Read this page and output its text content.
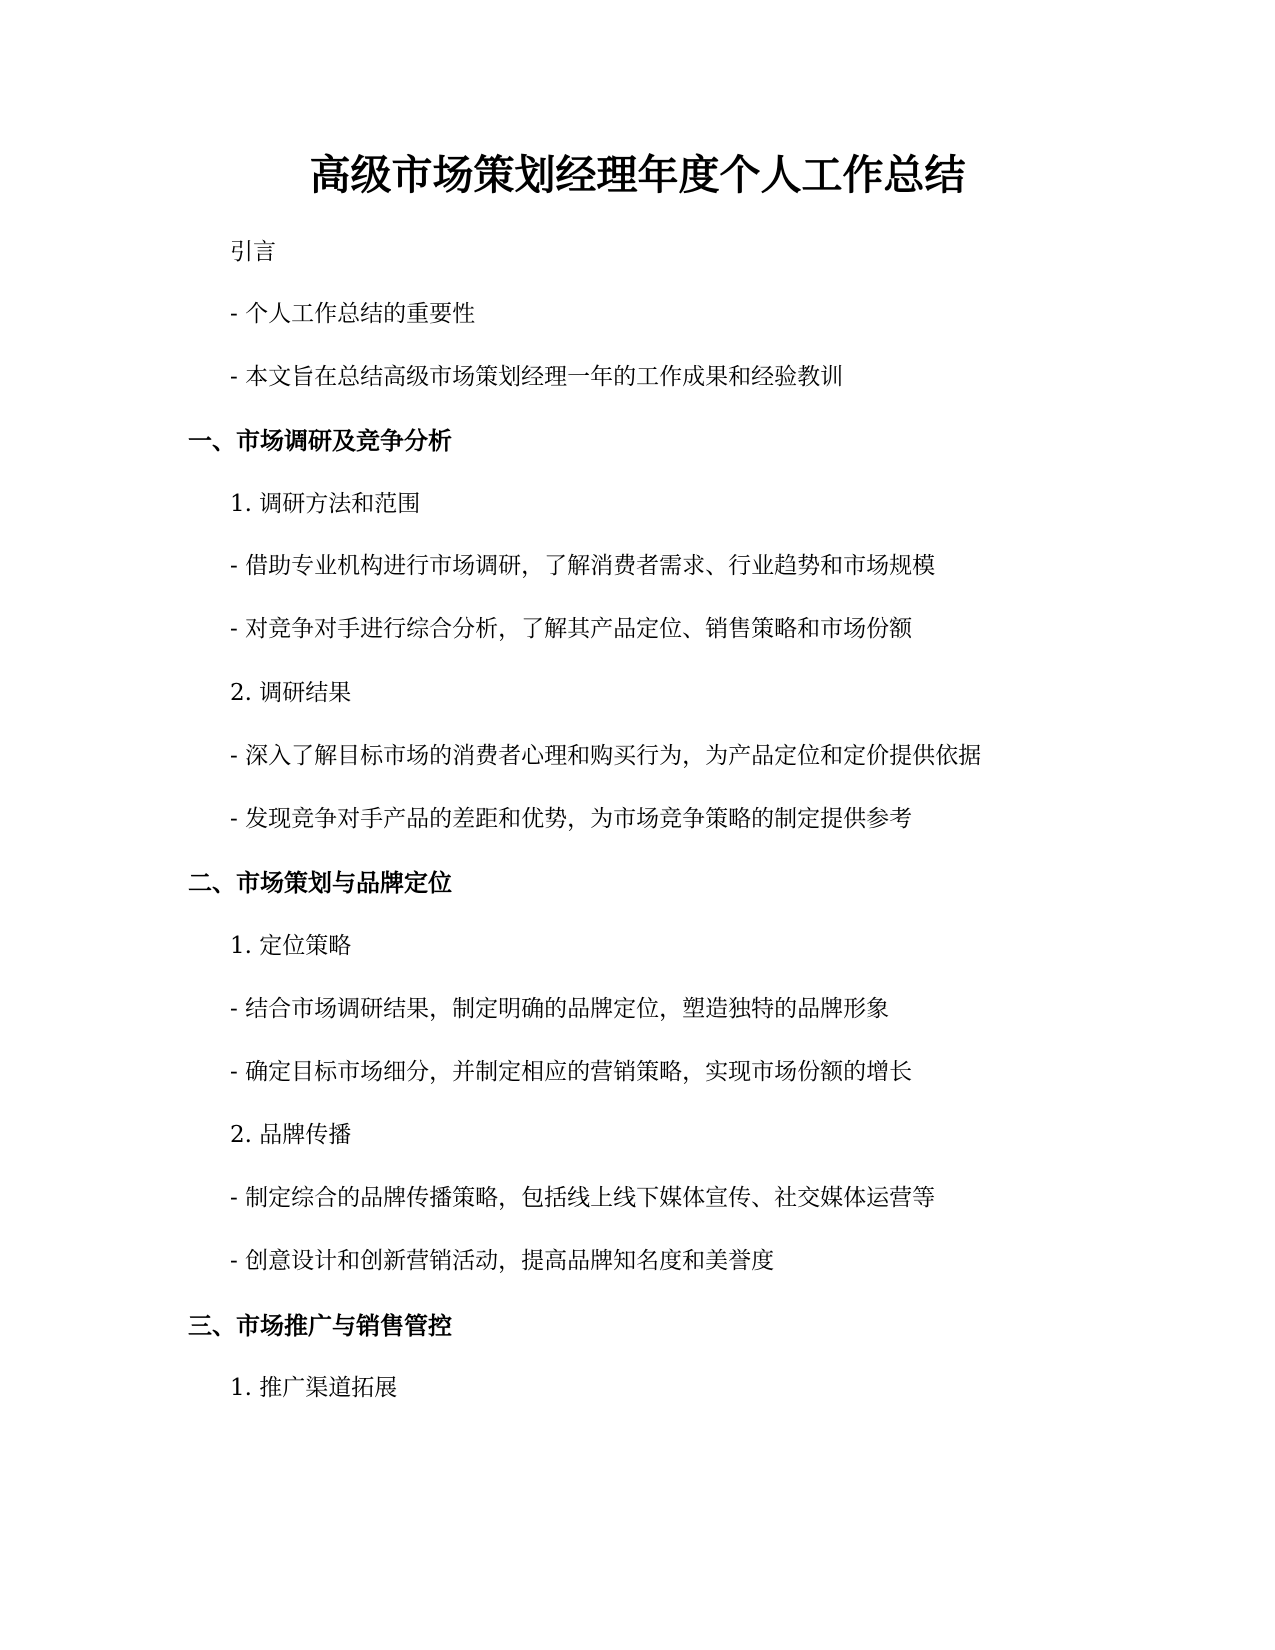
高级市场策划经理年度个人工作总结

引言

- 个人工作总结的重要性

- 本文旨在总结高级市场策划经理一年的工作成果和经验教训

一、市场调研及竞争分析

1. 调研方法和范围

- 借助专业机构进行市场调研，了解消费者需求、行业趋势和市场规模

- 对竞争对手进行综合分析，了解其产品定位、销售策略和市场份额

2. 调研结果

- 深入了解目标市场的消费者心理和购买行为，为产品定位和定价提供依据

- 发现竞争对手产品的差距和优势，为市场竞争策略的制定提供参考

二、市场策划与品牌定位

1. 定位策略

- 结合市场调研结果，制定明确的品牌定位，塑造独特的品牌形象

- 确定目标市场细分，并制定相应的营销策略，实现市场份额的增长

2. 品牌传播

- 制定综合的品牌传播策略，包括线上线下媒体宣传、社交媒体运营等

- 创意设计和创新营销活动，提高品牌知名度和美誉度

三、市场推广与销售管控

1. 推广渠道拓展
